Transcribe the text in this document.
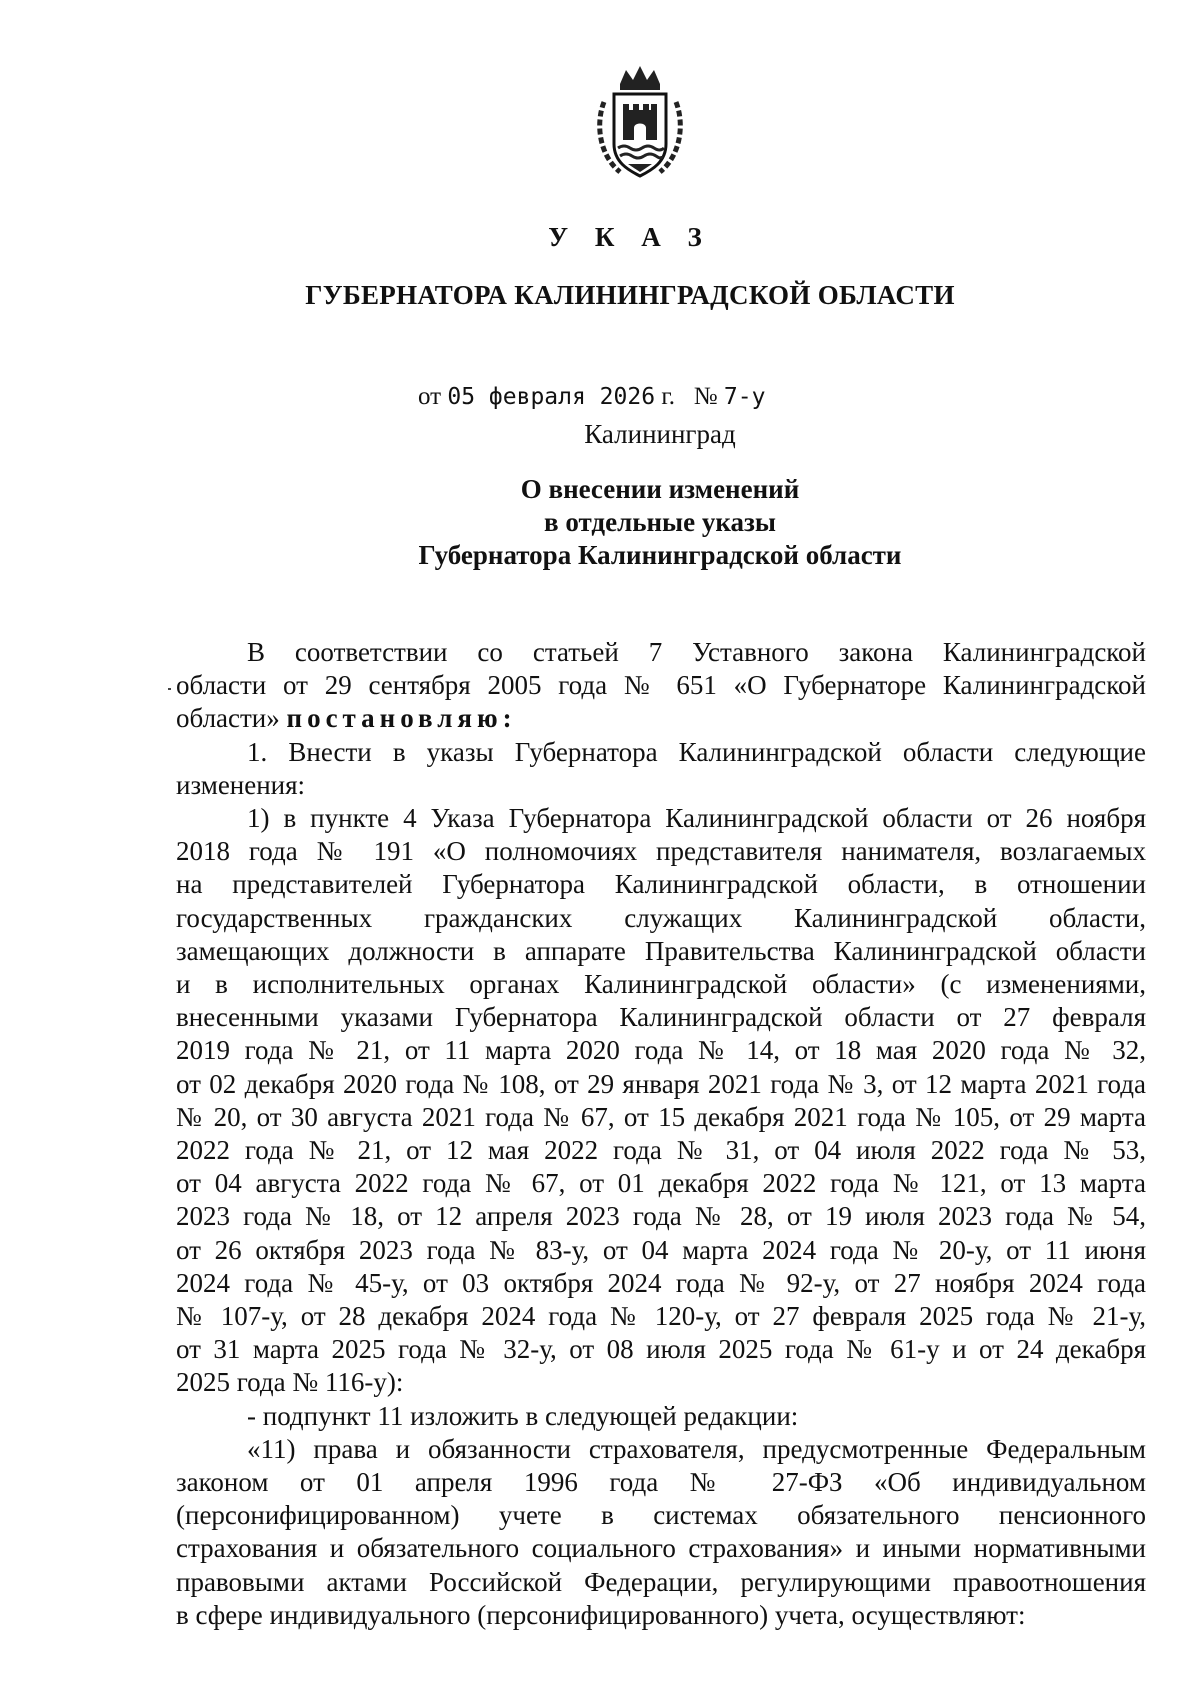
У К А З
ГУБЕРНАТОРА КАЛИНИНГРАДСКОЙ ОБЛАСТИ
от 05 февраля 2026 г. № 7-у
Калининград
О внесении изменений
в отдельные указы
Губернатора Калининградской области

В соответствии со статьей 7 Уставного закона Калининградской

области от 29 сентября 2005 года № 651 «О Губернаторе Калининградской

области» постановляю:

1. Внести в указы Губернатора Калининградской области следующие

изменения:

1) в пункте 4 Указа Губернатора Калининградской области от 26 ноября

2018 года № 191 «О полномочиях представителя нанимателя, возлагаемых

на представителей Губернатора Калининградской области, в отношении

государственных гражданских служащих Калининградской области,

замещающих должности в аппарате Правительства Калининградской области

и в исполнительных органах Калининградской области» (с изменениями,

внесенными указами Губернатора Калининградской области от 27 февраля

2019 года № 21, от 11 марта 2020 года № 14, от 18 мая 2020 года № 32,

от 02 декабря 2020 года № 108, от 29 января 2021 года № 3, от 12 марта 2021 года

№ 20, от 30 августа 2021 года № 67, от 15 декабря 2021 года № 105, от 29 марта

2022 года № 21, от 12 мая 2022 года № 31, от 04 июля 2022 года № 53,

от 04 августа 2022 года № 67, от 01 декабря 2022 года № 121, от 13 марта

2023 года № 18, от 12 апреля 2023 года № 28, от 19 июля 2023 года № 54,

от 26 октября 2023 года № 83-у, от 04 марта 2024 года № 20-у, от 11 июня

2024 года № 45-у, от 03 октября 2024 года № 92-у, от 27 ноября 2024 года

№ 107-у, от 28 декабря 2024 года № 120-у, от 27 февраля 2025 года № 21-у,

от 31 марта 2025 года № 32-у, от 08 июля 2025 года № 61-у и от 24 декабря

2025 года № 116-у):

- подпункт 11 изложить в следующей редакции:

«11) права и обязанности страхователя, предусмотренные Федеральным

законом от 01 апреля 1996 года № 27-ФЗ «Об индивидуальном

(персонифицированном) учете в системах обязательного пенсионного

страхования и обязательного социального страхования» и иными нормативными

правовыми актами Российской Федерации, регулирующими правоотношения

в сфере индивидуального (персонифицированного) учета, осуществляют:
